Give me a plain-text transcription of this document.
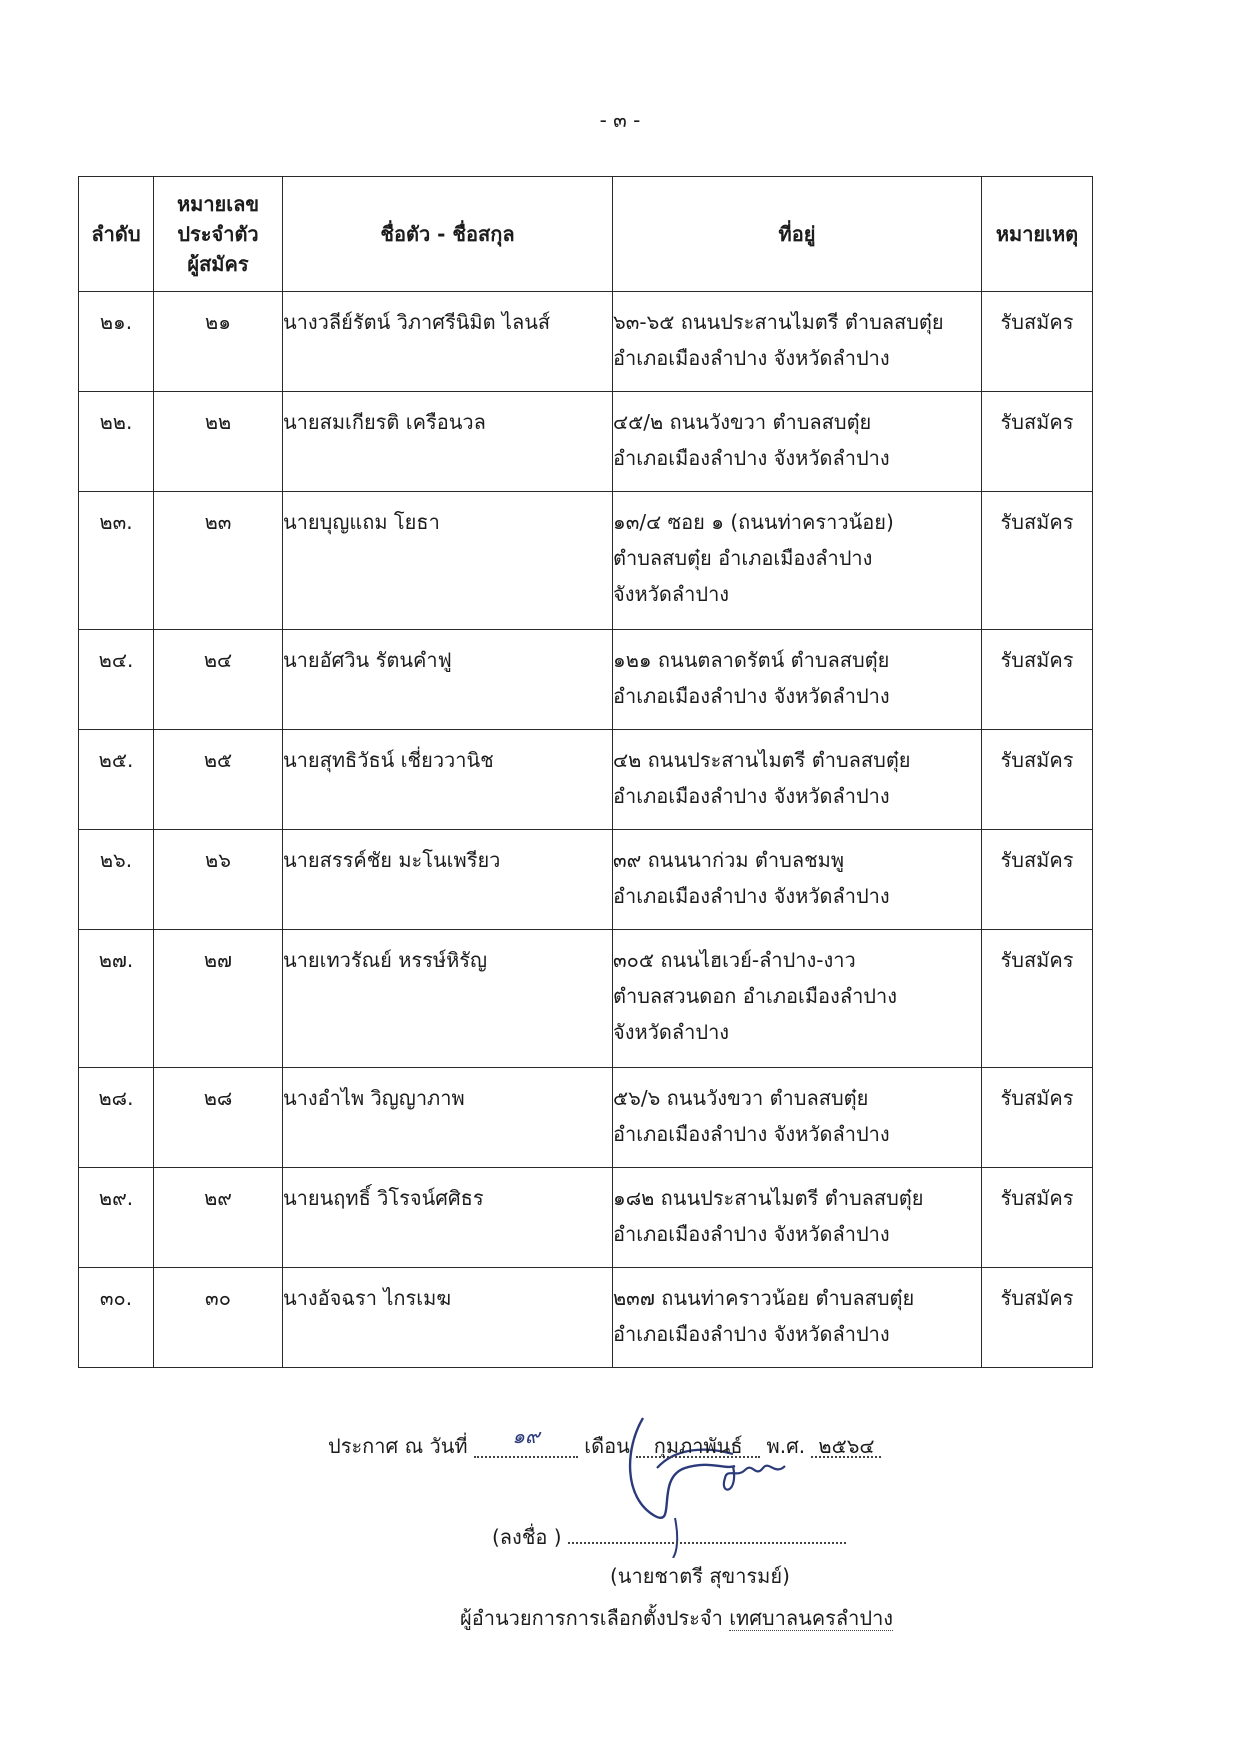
- ๓ -
ลำดับ	หมายเลข
ประจำตัว
ผู้สมัคร	ชื่อตัว - ชื่อสกุล	ที่อยู่	หมายเหตุ
๒๑.	๒๑	นางวลีย์รัตน์ วิภาศรีนิมิต ไลนส์	๖๓-๖๕ ถนนประสานไมตรี ตำบลสบตุ๋ย
อำเภอเมืองลำปาง จังหวัดลำปาง	รับสมัคร
๒๒.	๒๒	นายสมเกียรติ เครือนวล	๔๕/๒ ถนนวังขวา ตำบลสบตุ๋ย
อำเภอเมืองลำปาง จังหวัดลำปาง	รับสมัคร
๒๓.	๒๓	นายบุญแถม โยธา	๑๓/๔ ซอย ๑ (ถนนท่าคราวน้อย)
ตำบลสบตุ๋ย อำเภอเมืองลำปาง
จังหวัดลำปาง	รับสมัคร
๒๔.	๒๔	นายอัศวิน รัตนคำฟู	๑๒๑ ถนนตลาดรัตน์ ตำบลสบตุ๋ย
อำเภอเมืองลำปาง จังหวัดลำปาง	รับสมัคร
๒๕.	๒๕	นายสุทธิวัธน์ เชี่ยววานิช	๔๒ ถนนประสานไมตรี ตำบลสบตุ๋ย
อำเภอเมืองลำปาง จังหวัดลำปาง	รับสมัคร
๒๖.	๒๖	นายสรรค์ชัย มะโนเพรียว	๓๙ ถนนนาก่วม ตำบลชมพู
อำเภอเมืองลำปาง จังหวัดลำปาง	รับสมัคร
๒๗.	๒๗	นายเทวรัณย์ หรรษ์หิรัญ	๓๐๕ ถนนไฮเวย์-ลำปาง-งาว
ตำบลสวนดอก อำเภอเมืองลำปาง
จังหวัดลำปาง	รับสมัคร
๒๘.	๒๘	นางอำไพ วิญญาภาพ	๕๖/๖ ถนนวังขวา ตำบลสบตุ๋ย
อำเภอเมืองลำปาง จังหวัดลำปาง	รับสมัคร
๒๙.	๒๙	นายนฤทธิ์ วิโรจน์ศศิธร	๑๘๒ ถนนประสานไมตรี ตำบลสบตุ๋ย
อำเภอเมืองลำปาง จังหวัดลำปาง	รับสมัคร
๓๐.	๓๐	นางอัจฉรา ไกรเมฆ	๒๓๗ ถนนท่าคราวน้อย ตำบลสบตุ๋ย
อำเภอเมืองลำปาง จังหวัดลำปาง	รับสมัคร
ประกาศ ณ วันที่ ๑๙ เดือน กุมภาพันธ์ พ.ศ. ๒๕๖๔
(ลงชื่อ )
(นายชาตรี สุขารมย์)
ผู้อำนวยการการเลือกตั้งประจำ เทศบาลนครลำปาง
